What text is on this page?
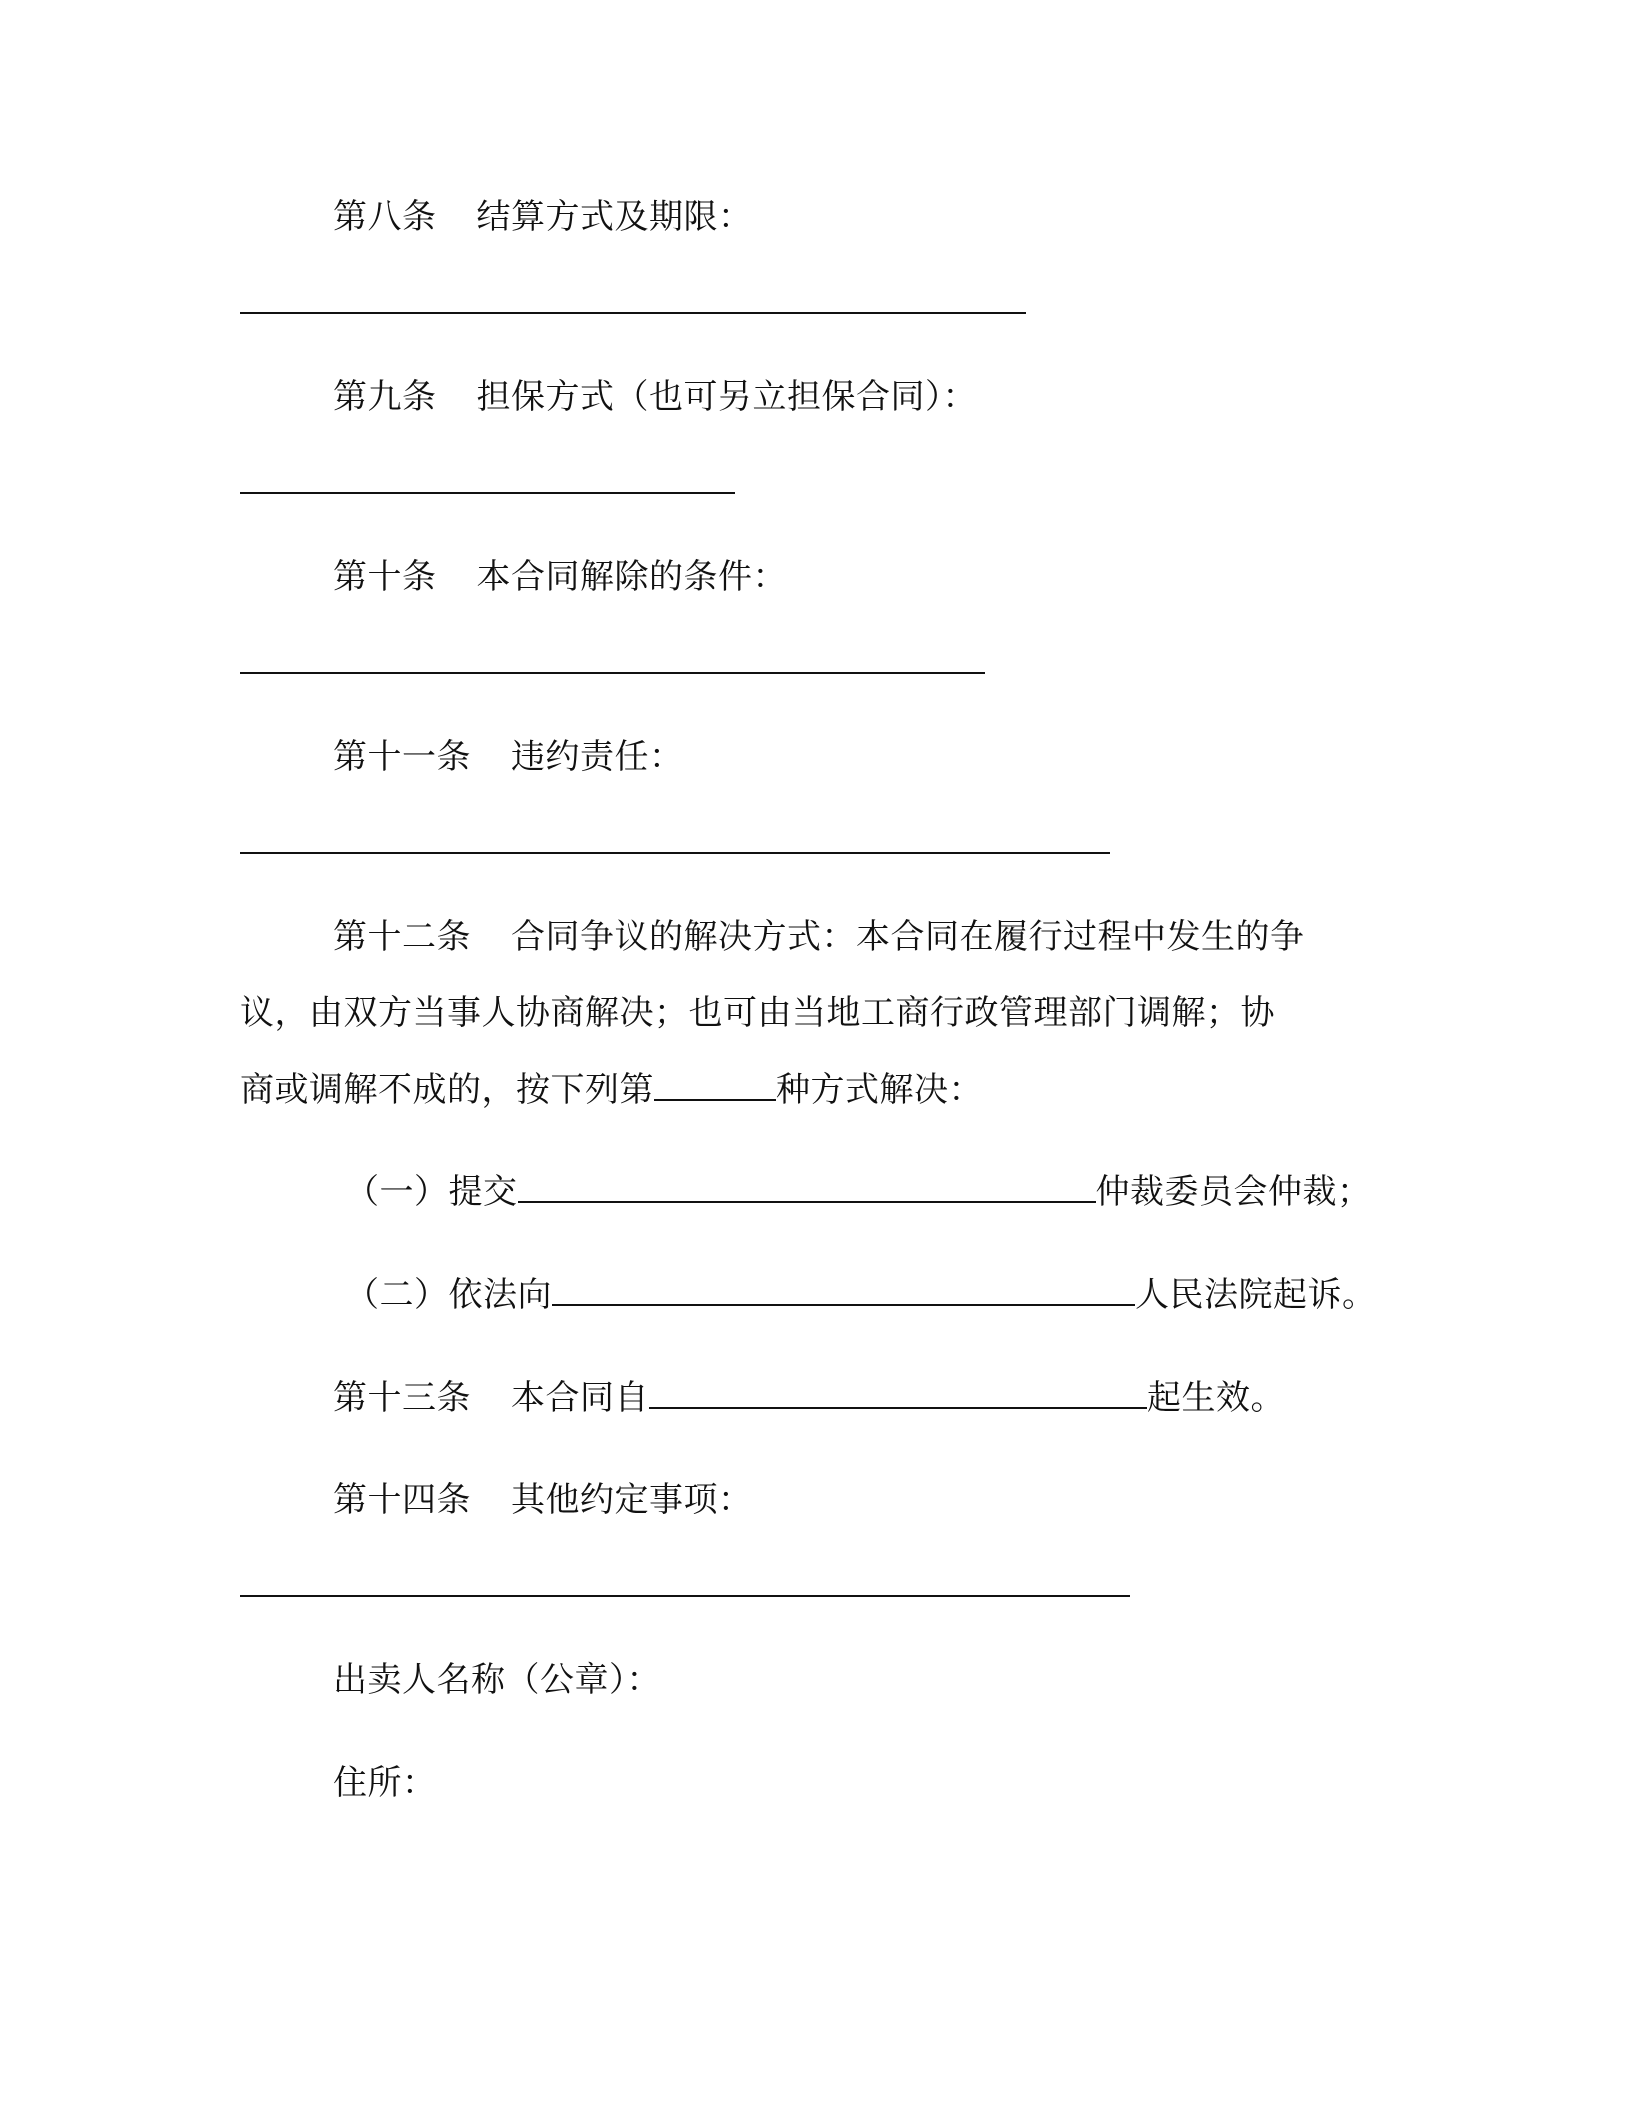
第八条 结算方式及期限：
第九条 担保方式（也可另立担保合同）：
第十条 本合同解除的条件：
第十一条 违约责任：
第十二条 合同争议的解决方式：本合同在履行过程中发生的争
议，由双方当事人协商解决；也可由当地工商行政管理部门调解；协
商或调解不成的，按下列第	种方式解决：
（一）提交	仲裁委员会仲裁；
（二）依法向	人民法院起诉。
第十三条 本合同自	起生效。
第十四条 其他约定事项：
出卖人名称（公章）：
住所：
